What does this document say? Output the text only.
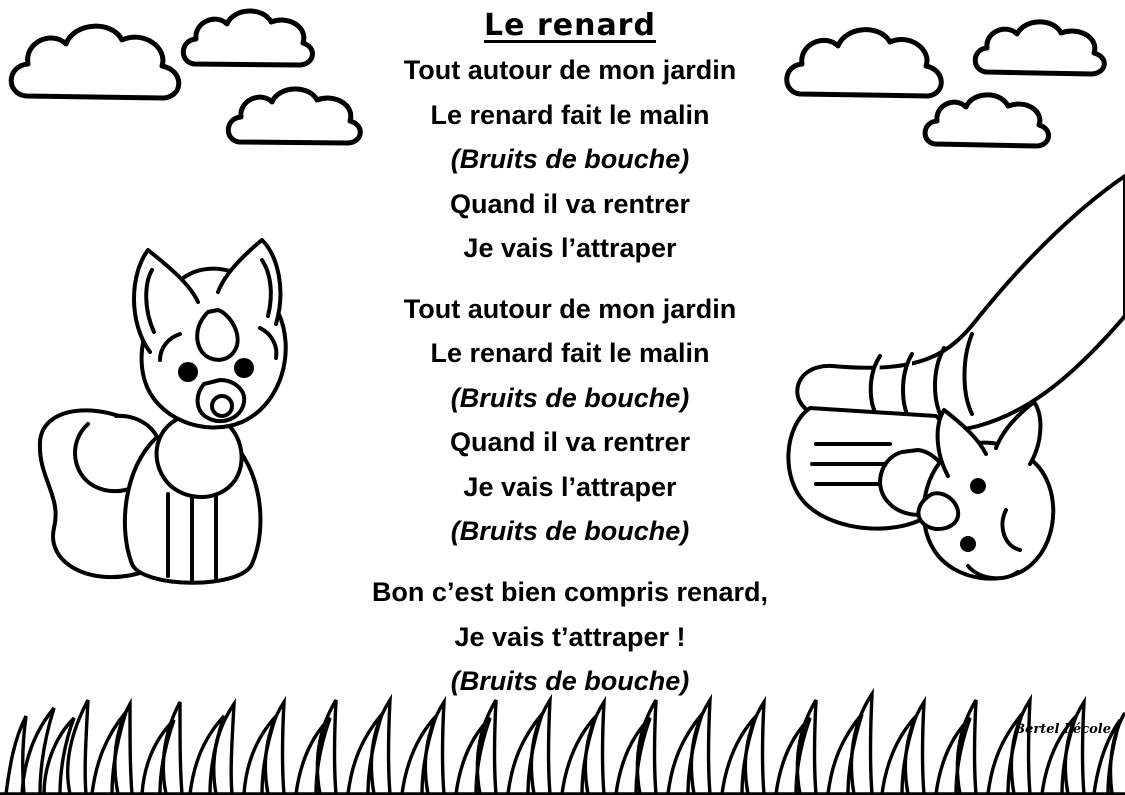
Le renard
Tout autour de mon jardin
Le renard fait le malin
(Bruits de bouche)
Quand il va rentrer
Je vais l’attraper
Tout autour de mon jardin
Le renard fait le malin
(Bruits de bouche)
Quand il va rentrer
Je vais l’attraper
(Bruits de bouche)
Bon c’est bien compris renard,
Je vais t’attraper !
(Bruits de bouche)
Bertel l'école
